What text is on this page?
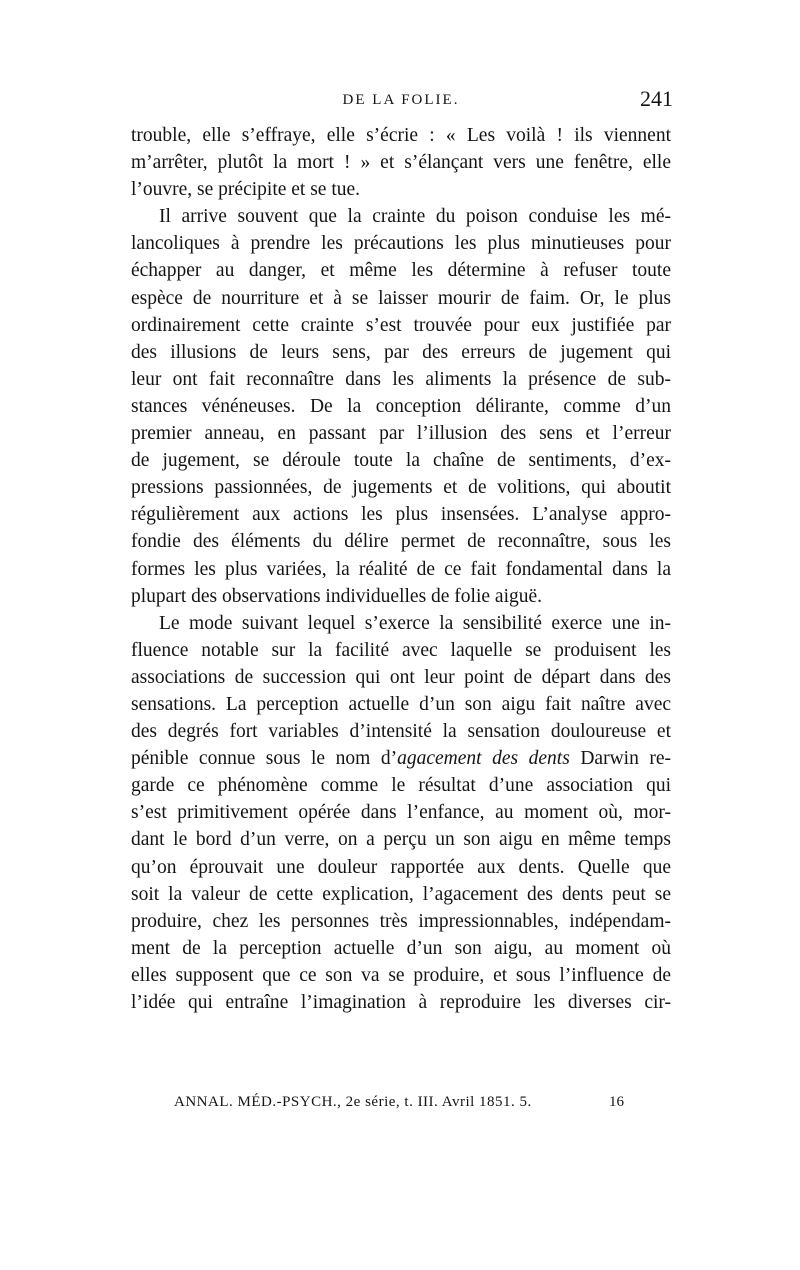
DE LA FOLIE.	241
trouble, elle s’effraye, elle s’écrie : « Les voilà ! ils viennent
m’arrêter, plutôt la mort ! » et s’élançant vers une fenêtre, elle
l’ouvre, se précipite et se tue.
Il arrive souvent que la crainte du poison conduise les mé-
lancoliques à prendre les précautions les plus minutieuses pour
échapper au danger, et même les détermine à refuser toute
espèce de nourriture et à se laisser mourir de faim. Or, le plus
ordinairement cette crainte s’est trouvée pour eux justifiée par
des illusions de leurs sens, par des erreurs de jugement qui
leur ont fait reconnaître dans les aliments la présence de sub-
stances vénéneuses. De la conception délirante, comme d’un
premier anneau, en passant par l’illusion des sens et l’erreur
de jugement, se déroule toute la chaîne de sentiments, d’ex-
pressions passionnées, de jugements et de volitions, qui aboutit
régulièrement aux actions les plus insensées. L’analyse appro-
fondie des éléments du délire permet de reconnaître, sous les
formes les plus variées, la réalité de ce fait fondamental dans la
plupart des observations individuelles de folie aiguë.
Le mode suivant lequel s’exerce la sensibilité exerce une in-
fluence notable sur la facilité avec laquelle se produisent les
associations de succession qui ont leur point de départ dans des
sensations. La perception actuelle d’un son aigu fait naître avec
des degrés fort variables d’intensité la sensation douloureuse et
pénible connue sous le nom d’agacement des dents Darwin re-
garde ce phénomène comme le résultat d’une association qui
s’est primitivement opérée dans l’enfance, au moment où, mor-
dant le bord d’un verre, on a perçu un son aigu en même temps
qu’on éprouvait une douleur rapportée aux dents. Quelle que
soit la valeur de cette explication, l’agacement des dents peut se
produire, chez les personnes très impressionnables, indépendam-
ment de la perception actuelle d’un son aigu, au moment où
elles supposent que ce son va se produire, et sous l’influence de
l’idée qui entraîne l’imagination à reproduire les diverses cir-
ANNAL. MÉD.-PSYCH., 2e série, t. III. Avril 1851. 5.	16
